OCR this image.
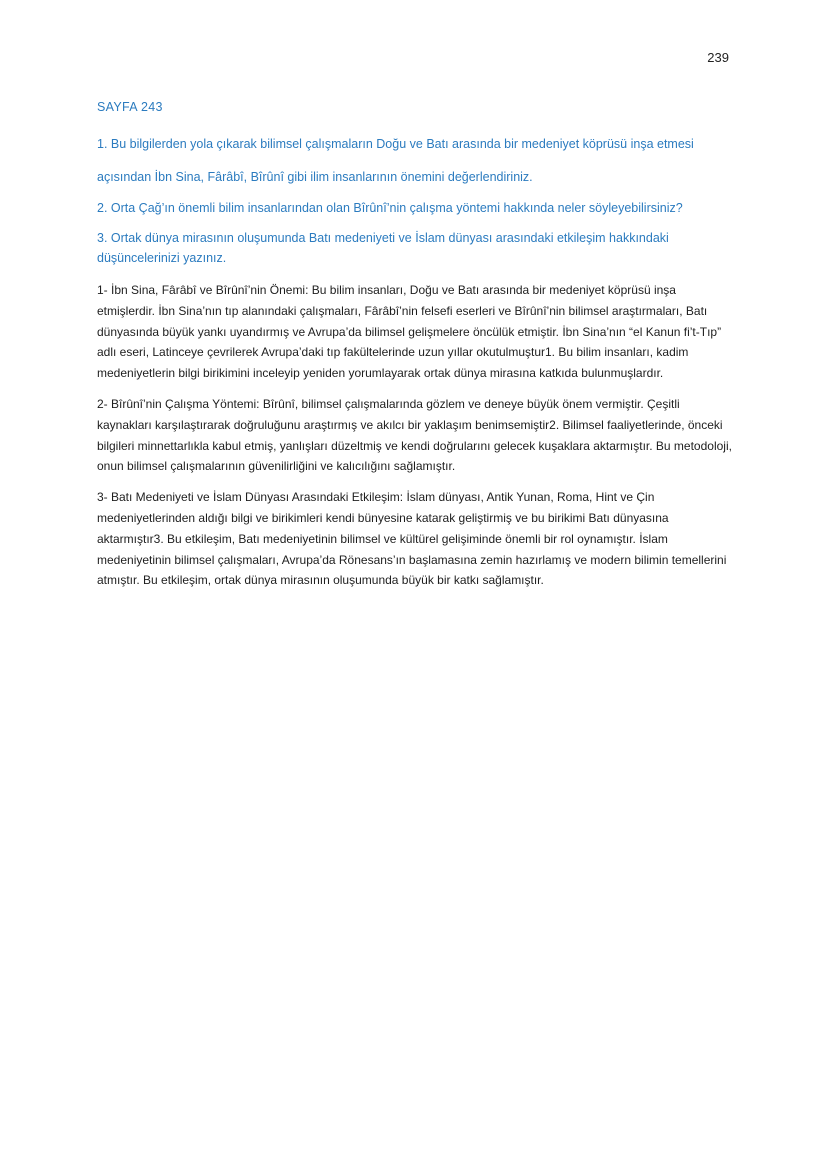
239
SAYFA 243

1. Bu bilgilerden yola çıkarak bilimsel çalışmaların Doğu ve Batı arasında bir medeniyet köprüsü inşa etmesi açısından İbn Sina, Fârâbî, Bîrûnî gibi ilim insanlarının önemini değerlendiriniz.

2. Orta Çağ’ın önemli bilim insanlarından olan Bîrûnî’nin çalışma yöntemi hakkında neler söyleyebilirsiniz?

3. Ortak dünya mirasının oluşumunda Batı medeniyeti ve İslam dünyası arasındaki etkileşim hakkındaki düşüncelerinizi yazınız.

1- İbn Sina, Fârâbî ve Bîrûnî’nin Önemi: Bu bilim insanları, Doğu ve Batı arasında bir medeniyet köprüsü inşa etmişlerdir. İbn Sina’nın tıp alanındaki çalışmaları, Fârâbî’nin felsefi eserleri ve Bîrûnî’nin bilimsel araştırmaları, Batı dünyasında büyük yankı uyandırmış ve Avrupa’da bilimsel gelişmelere öncülük etmiştir. İbn Sina’nın “el Kanun fi’t-Tıp” adlı eseri, Latinceye çevrilerek Avrupa’daki tıp fakültelerinde uzun yıllar okutulmuştur1. Bu bilim insanları, kadim medeniyetlerin bilgi birikimini inceleyip yeniden yorumlayarak ortak dünya mirasına katkıda bulunmuşlardır.

2- Bîrûnî’nin Çalışma Yöntemi: Bîrûnî, bilimsel çalışmalarında gözlem ve deneye büyük önem vermiştir. Çeşitli kaynakları karşılaştırarak doğruluğunu araştırmış ve akılcı bir yaklaşım benimsemiştir2. Bilimsel faaliyetlerinde, önceki bilgileri minnettarlıkla kabul etmiş, yanlışları düzeltmiş ve kendi doğrularını gelecek kuşaklara aktarmıştır. Bu metodoloji, onun bilimsel çalışmalarının güvenilirliğini ve kalıcılığını sağlamıştır.

3- Batı Medeniyeti ve İslam Dünyası Arasındaki Etkileşim: İslam dünyası, Antik Yunan, Roma, Hint ve Çin medeniyetlerinden aldığı bilgi ve birikimleri kendi bünyesine katarak geliştirmiş ve bu birikimi Batı dünyasına aktarmıştır3. Bu etkileşim, Batı medeniyetinin bilimsel ve kültürel gelişiminde önemli bir rol oynamıştır. İslam medeniyetinin bilimsel çalışmaları, Avrupa’da Rönesans’ın başlamasına zemin hazırlamış ve modern bilimin temellerini atmıştır. Bu etkileşim, ortak dünya mirasının oluşumunda büyük bir katkı sağlamıştır.
